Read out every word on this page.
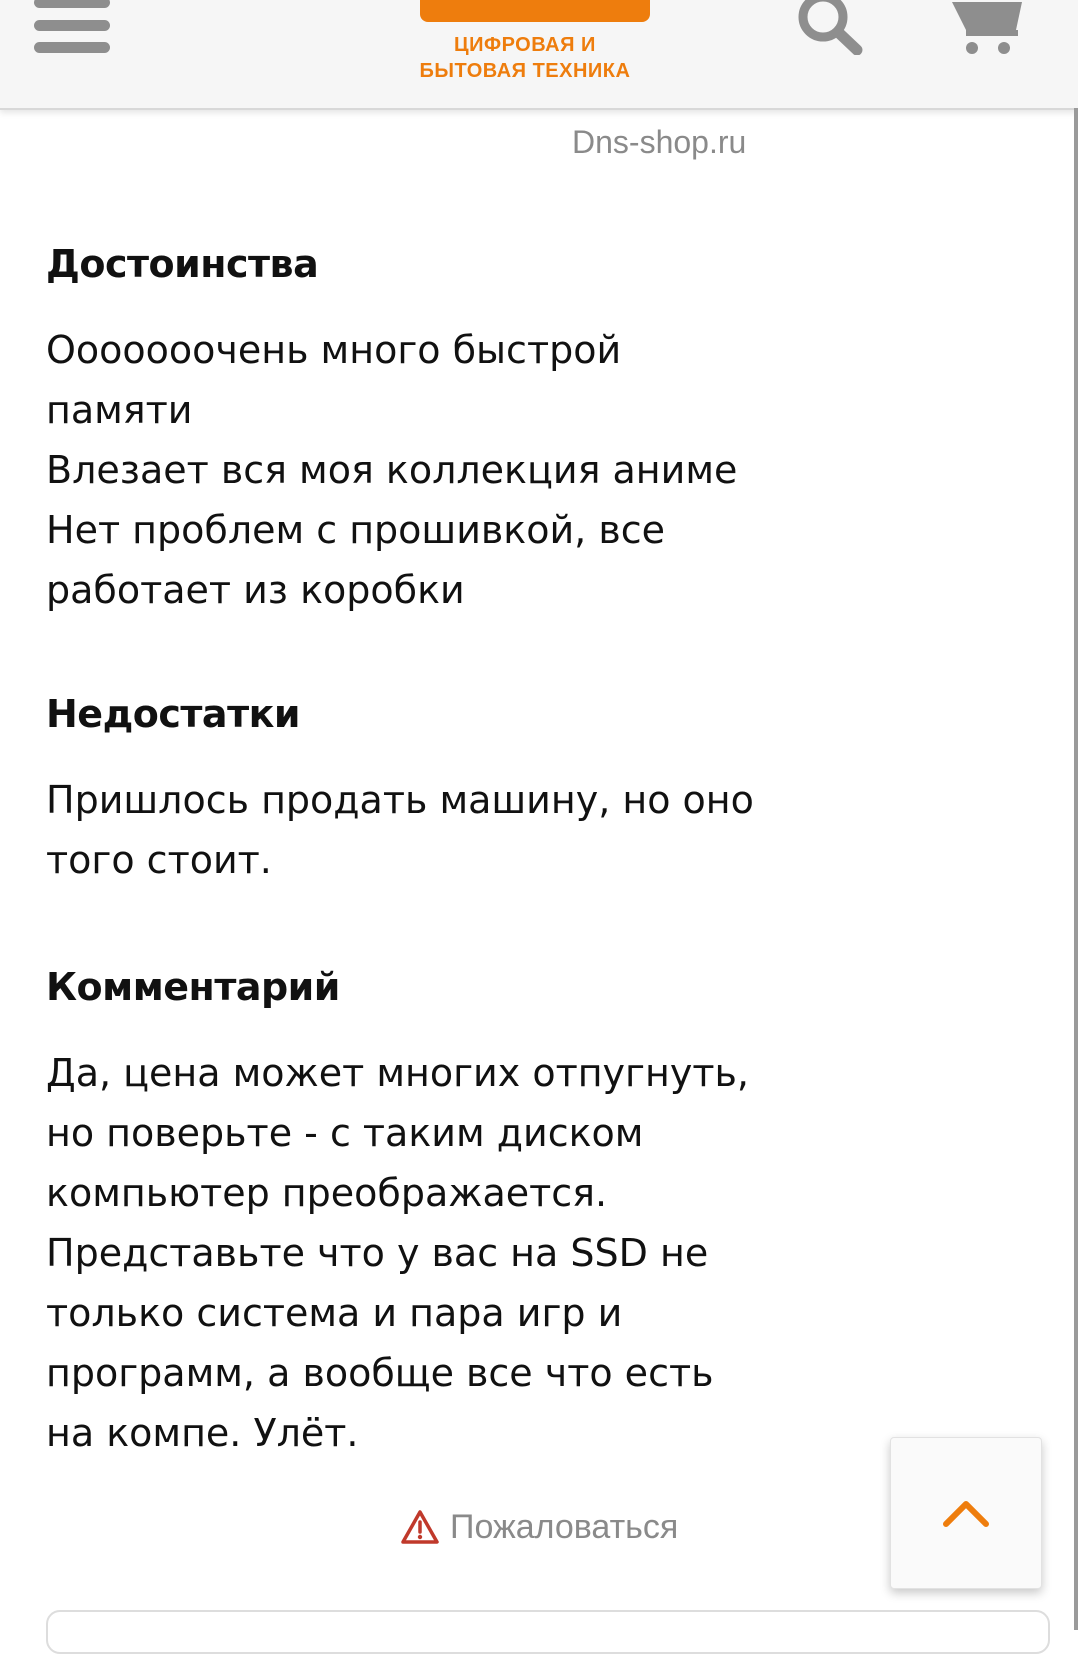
ЦИФРОВАЯ И
БЫТОВАЯ ТЕХНИКА
Dns-shop.ru
Достоинства

Ооооооочень много быстрой
памяти
Влезает вся моя коллекция аниме
Нет проблем с прошивкой, все
работает из коробки

Недостатки

Пришлось продать машину, но оно
того стоит.

Комментарий

Да, цена может многих отпугнуть,
но поверьте - с таким диском
компьютер преображается.
Представьте что у вас на SSD не
только система и пара игр и
программ, а вообще все что есть
на компе. Улёт.

Пожаловаться
